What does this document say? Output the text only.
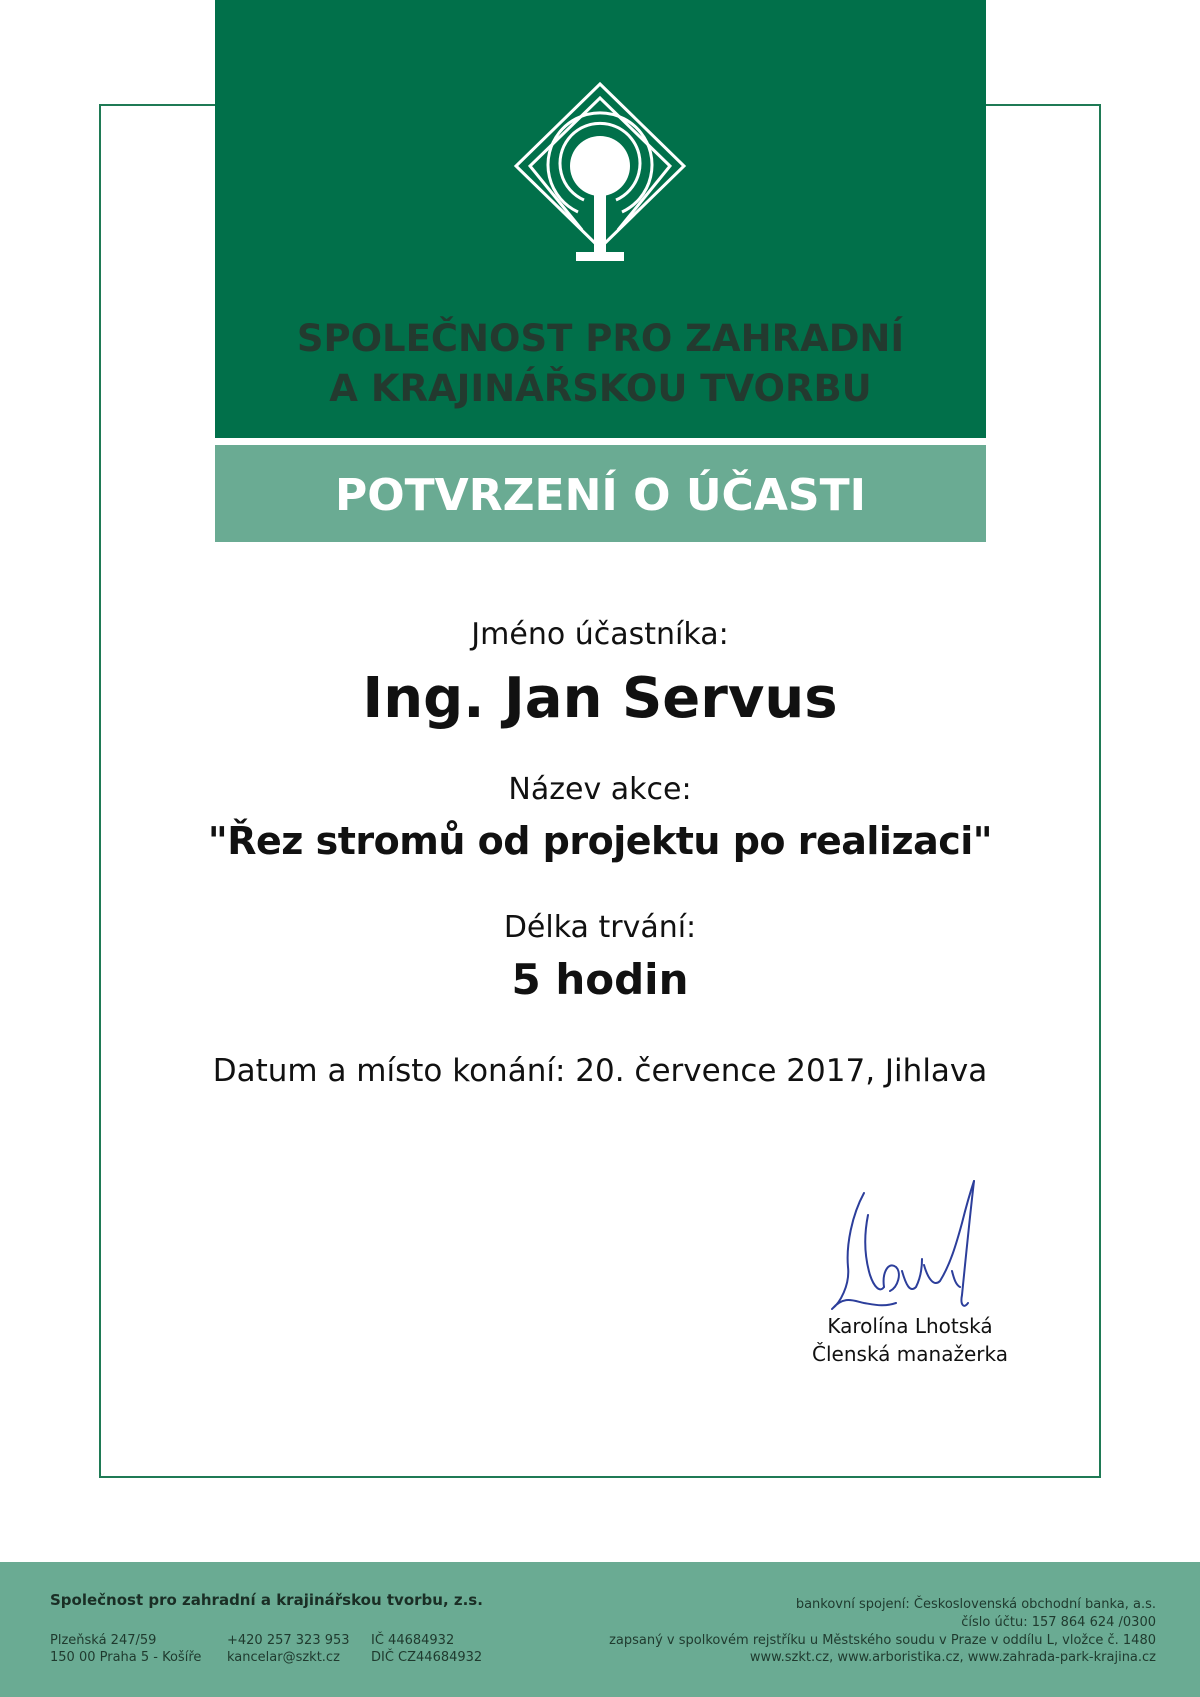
SPOLEČNOST PRO ZAHRADNÍ
A KRAJINÁŘSKOU TVORBU
POTVRZENÍ O ÚČASTI
Jméno účastníka:
Ing. Jan Servus
Název akce:
"Řez stromů od projektu po realizaci"
Délka trvání:
5 hodin
Datum a místo konání: 20. července 2017, Jihlava
Karolína Lhotská
Členská manažerka
Společnost pro zahradní a krajinářskou tvorbu, z.s.
Plzeňská 247/59
150 00 Praha 5 - Košíře
+420 257 323 953
kancelar@szkt.cz
IČ 44684932
DIČ CZ44684932
bankovní spojení: Československá obchodní banka, a.s.
číslo účtu: 157 864 624 /0300
zapsaný v spolkovém rejstříku u Městského soudu v Praze v oddílu L, vložce č. 1480
www.szkt.cz, www.arboristika.cz, www.zahrada-park-krajina.cz
